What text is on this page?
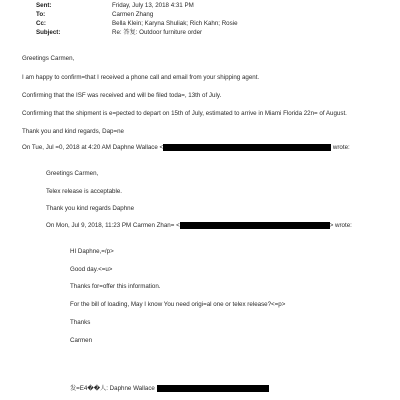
Sent:	Friday, July 13, 2018 4:31 PM
To:	Carmen Zhang
Cc:	Bella Klein; Karyna Shuliak; Rich Kahn; Rosie
Subject:	Re: 答复: Outdoor furniture order
Greetings Carmen,
I am happy to confirm=that I received a phone call and email from your shipping agent.
Confirming that the ISF was received and will be filed toda=, 13th of July.
Confirming that the shipment is e=pected to depart on 15th of July, estimated to arrive in Miami Florida 22n= of August.
Thank you and kind regards, Dap=ne
On Tue, Jul =0, 2018 at 4:20 AM Daphne Wallace <	wrote:
Greetings Carmen,
Telex release is acceptable.
Thank you kind regards Daphne
On Mon, Jul 9, 2018, 11:23 PM Carmen Zhan= <	> wrote:
HI Daphne,=/p>
Good day.<=u>
Thanks for=offer this information.
For the bill of loading, May I know You need origi=al one or telex release?<=p>
Thanks
Carmen
发=E4��人: Daphne Wallace
